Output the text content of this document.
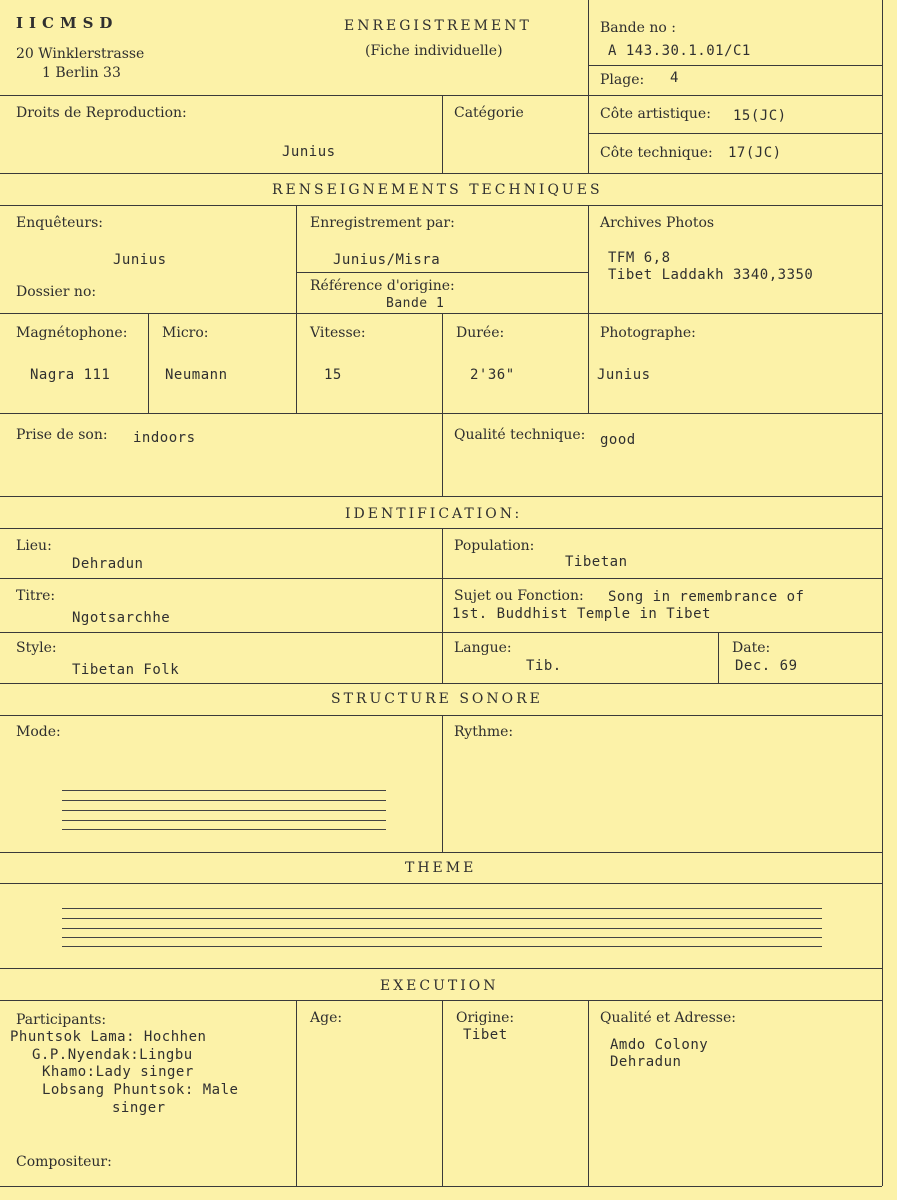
IICMSD
20 Winklerstrasse
1 Berlin 33
ENREGISTREMENT
(Fiche individuelle)
Bande no :
A 143.30.1.01/C1
Plage: 4
Droits de Reproduction:
Junius
Catégorie	Côte artistique: 15(JC)
Côte technique: 17(JC)
RENSEIGNEMENTS TECHNIQUES
Enquêteurs:
Junius
Dossier no:
Enregistrement par:
Junius/Misra
Référence d'origine:
Bande 1
Archives Photos
TFM 6,8
Tibet Laddakh 3340,3350
Magnétophone:
Nagra 111
Micro:
Neumann
Vitesse:
15
Durée:
2'36"
Photographe:
Junius
Prise de son: indoors	Qualité technique: good
IDENTIFICATION:
Lieu:
Dehradun
Population:
Tibetan
Titre:
Ngotsarchhe
Sujet ou Fonction: Song in remembrance of
1st. Buddhist Temple in Tibet
Style:
Tibetan Folk
Langue:
Tib.
Date:
Dec. 69
STRUCTURE SONORE
Mode:	Rythme:
THEME
EXECUTION
Participants:
Phuntsok Lama: Hochhen
G.P.Nyendak:Lingbu
Khamo:Lady singer
Lobsang Phuntsok: Male
singer
Compositeur:
Age:	Origine:
Tibet
Qualité et Adresse:
Amdo Colony
Dehradun
